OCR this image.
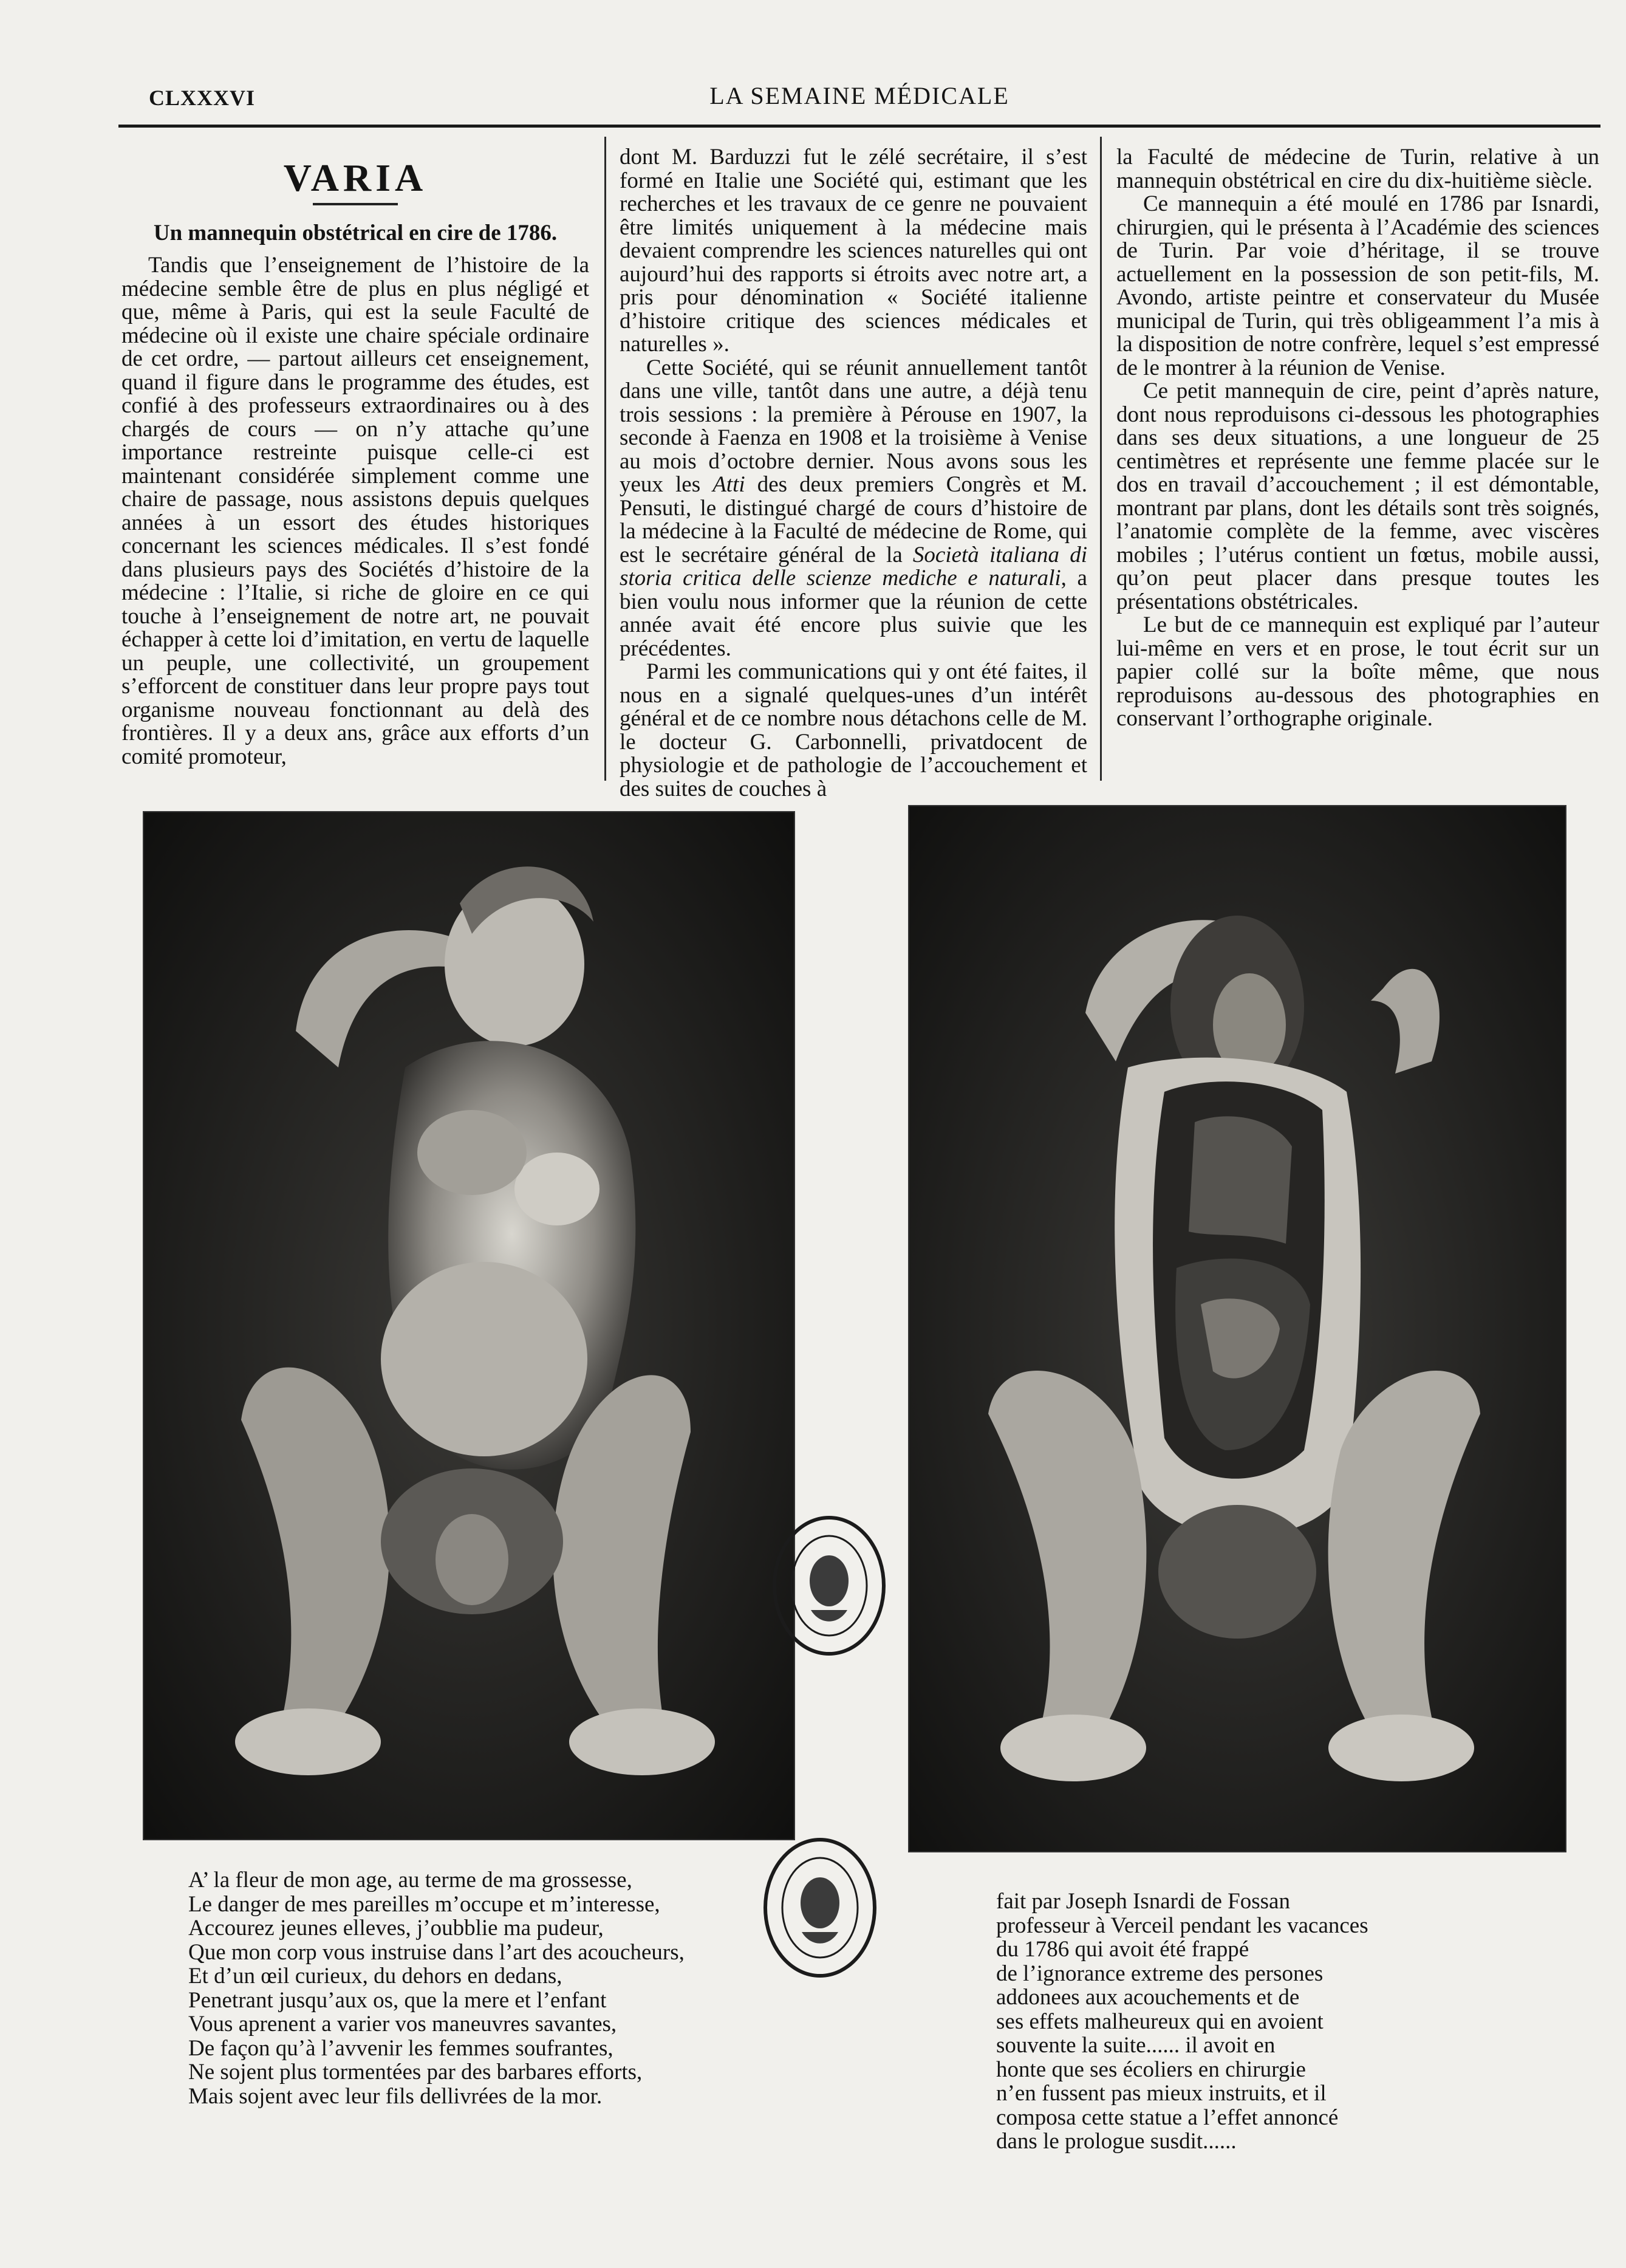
CLXXXVI	LA SEMAINE MÉDICALE
VARIA
Un mannequin obstétrical en cire de 1786.

Tandis que l’enseignement de l’histoire de la médecine semble être de plus en plus négligé et que, même à Paris, qui est la seule Faculté de médecine où il existe une chaire spéciale ordinaire de cet ordre, — partout ailleurs cet enseignement, quand il figure dans le programme des études, est confié à des professeurs extraordinaires ou à des chargés de cours — on n’y attache qu’une importance restreinte puisque celle-ci est maintenant considérée simplement comme une chaire de passage, nous assistons depuis quelques années à un essort des études historiques concernant les sciences médicales. Il s’est fondé dans plusieurs pays des Sociétés d’histoire de la médecine : l’Italie, si riche de gloire en ce qui touche à l’enseignement de notre art, ne pouvait échapper à cette loi d’imitation, en vertu de laquelle un peuple, une collectivité, un groupement s’efforcent de constituer dans leur propre pays tout organisme nouveau fonctionnant au delà des frontières. Il y a deux ans, grâce aux efforts d’un comité promoteur,

dont M. Barduzzi fut le zélé secrétaire, il s’est formé en Italie une Société qui, estimant que les recherches et les travaux de ce genre ne pouvaient être limités uniquement à la médecine mais devaient comprendre les sciences naturelles qui ont aujourd’hui des rapports si étroits avec notre art, a pris pour dénomination « Société italienne d’histoire critique des sciences médicales et naturelles ».

Cette Société, qui se réunit annuellement tantôt dans une ville, tantôt dans une autre, a déjà tenu trois sessions : la première à Pérouse en 1907, la seconde à Faenza en 1908 et la troisième à Venise au mois d’octobre dernier. Nous avons sous les yeux les Atti des deux premiers Congrès et M. Pensuti, le distingué chargé de cours d’histoire de la médecine à la Faculté de médecine de Rome, qui est le secrétaire général de la Società italiana di storia critica delle scienze mediche e naturali, a bien voulu nous informer que la réunion de cette année avait été encore plus suivie que les précédentes.

Parmi les communications qui y ont été faites, il nous en a signalé quelques-unes d’un intérêt général et de ce nombre nous détachons celle de M. le docteur G. Carbonnelli, privatdocent de physiologie et de pathologie de l’accouchement et des suites de couches à

la Faculté de médecine de Turin, relative à un mannequin obstétrical en cire du dix-huitième siècle.

Ce mannequin a été moulé en 1786 par Isnardi, chirurgien, qui le présenta à l’Académie des sciences de Turin. Par voie d’héritage, il se trouve actuellement en la possession de son petit-fils, M. Avondo, artiste peintre et conservateur du Musée municipal de Turin, qui très obligeamment l’a mis à la disposition de notre confrère, lequel s’est empressé de le montrer à la réunion de Venise.

Ce petit mannequin de cire, peint d’après nature, dont nous reproduisons ci-dessous les photographies dans ses deux situations, a une longueur de 25 centimètres et représente une femme placée sur le dos en travail d’accouchement ; il est démontable, montrant par plans, dont les détails sont très soignés, l’anatomie complète de la femme, avec viscères mobiles ; l’utérus contient un fœtus, mobile aussi, qu’on peut placer dans presque toutes les présentations obstétricales.

Le but de ce mannequin est expliqué par l’auteur lui-même en vers et en prose, le tout écrit sur un papier collé sur la boîte même, que nous reproduisons au-dessous des photographies en conservant l’orthographe originale.

A’ la fleur de mon age, au terme de ma grossesse,
Le danger de mes pareilles m’occupe et m’interesse,
Accourez jeunes elleves, j’oubblie ma pudeur,
Que mon corp vous instruise dans l’art des acoucheurs,
Et d’un œil curieux, du dehors en dedans,
Penetrant jusqu’aux os, que la mere et l’enfant
Vous aprenent a varier vos maneuvres savantes,
De façon qu’à l’avvenir les femmes soufrantes,
Ne sojent plus tormentées par des barbares efforts,
Mais sojent avec leur fils dellivrées de la mor.
fait par Joseph Isnardi de Fossan
professeur à Verceil pendant les vacances
du 1786 qui avoit été frappé
de l’ignorance extreme des persones
addonees aux acouchements et de
ses effets malheureux qui en avoient
souvente la suite...... il avoit en
honte que ses écoliers en chirurgie
n’en fussent pas mieux instruits, et il
composa cette statue a l’effet annoncé
dans le prologue susdit......
